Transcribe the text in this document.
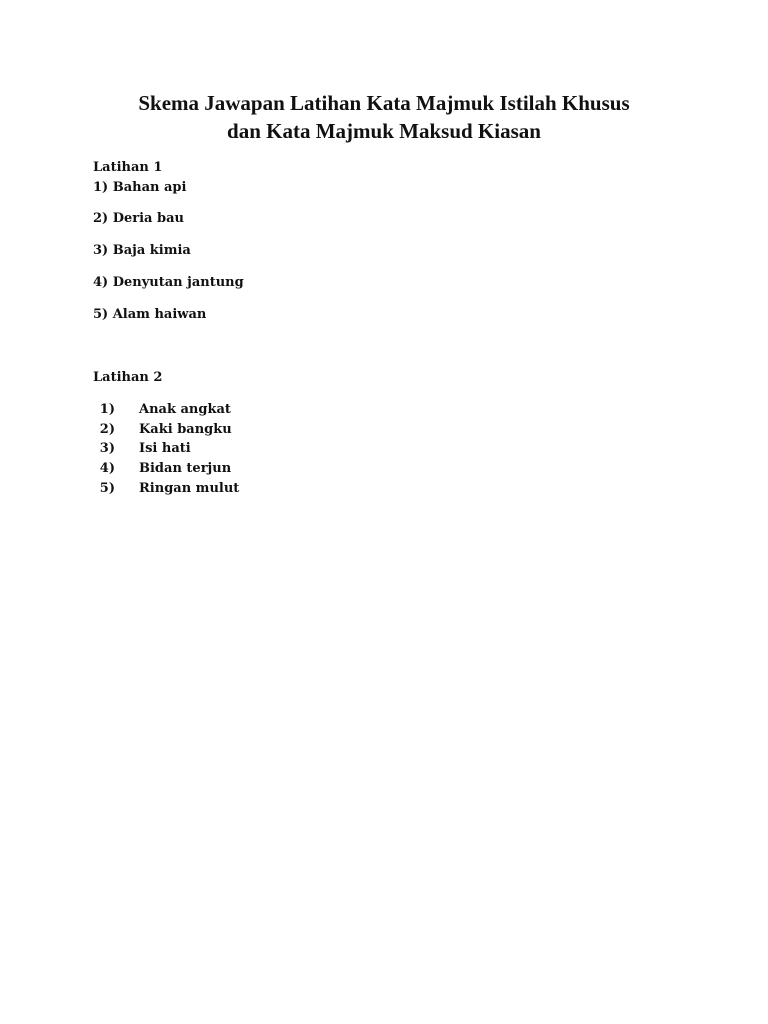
Skema Jawapan Latihan Kata Majmuk Istilah Khusus
dan Kata Majmuk Maksud Kiasan

Latihan 1

1) Bahan api

2) Deria bau

3) Baja kimia

4) Denyutan jantung

5) Alam haiwan

Latihan 2

1) Anak angkat
2) Kaki bangku
3) Isi hati
4) Bidan terjun
5) Ringan mulut
